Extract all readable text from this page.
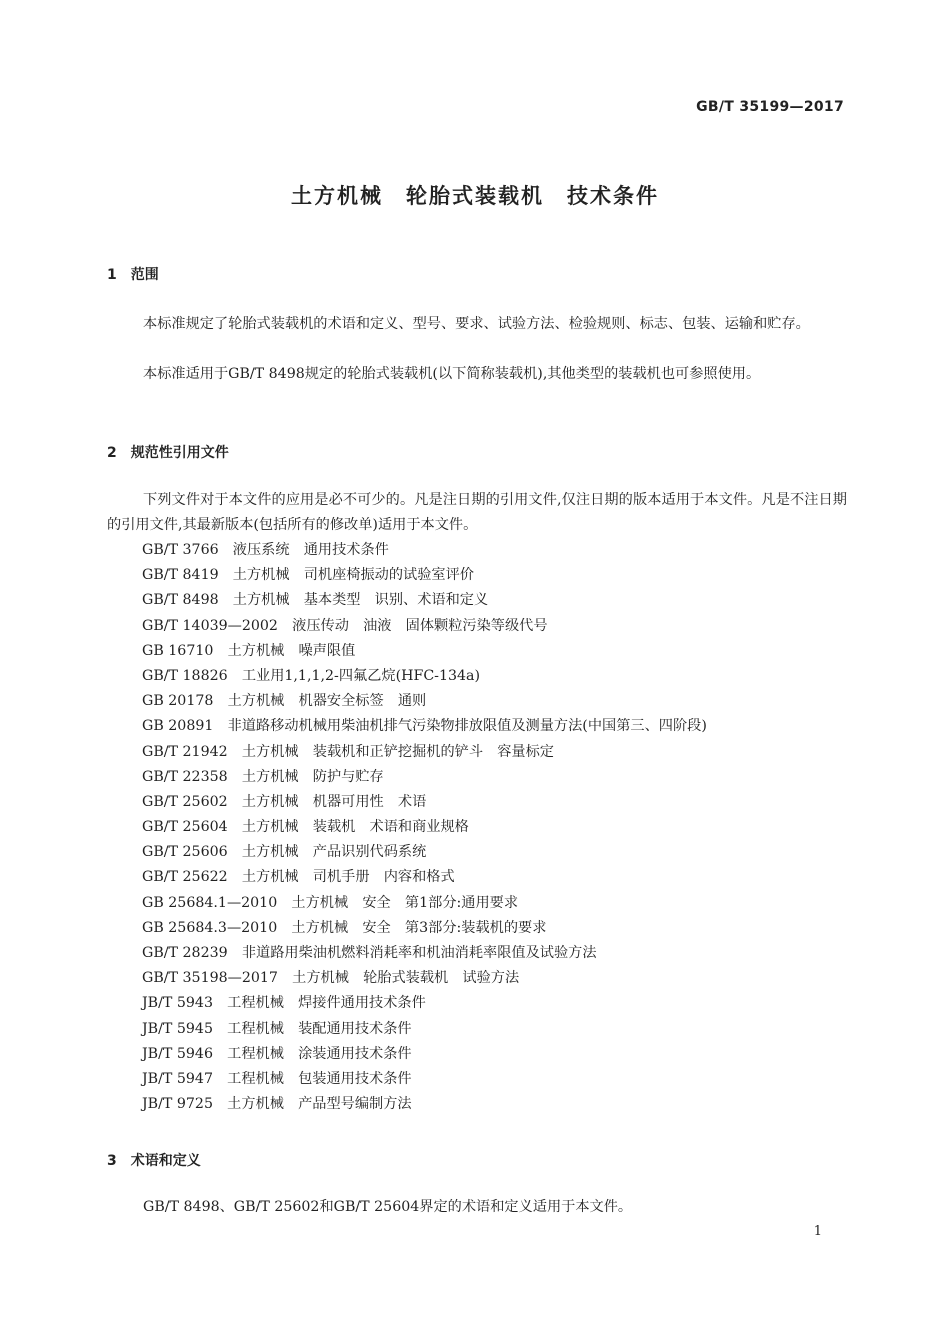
GB/T 35199—2017
土方机械　轮胎式装载机　技术条件
1　范围
本标准规定了轮胎式装载机的术语和定义、型号、要求、试验方法、检验规则、标志、包装、运输和贮存。
本标准适用于GB/T 8498规定的轮胎式装载机(以下简称装载机),其他类型的装载机也可参照使用。
2　规范性引用文件
下列文件对于本文件的应用是必不可少的。凡是注日期的引用文件,仅注日期的版本适用于本文件。凡是不注日期的引用文件,其最新版本(包括所有的修改单)适用于本文件。
GB/T 3766　液压系统　通用技术条件
GB/T 8419　土方机械　司机座椅振动的试验室评价
GB/T 8498　土方机械　基本类型　识别、术语和定义
GB/T 14039—2002　液压传动　油液　固体颗粒污染等级代号
GB 16710　土方机械　噪声限值
GB/T 18826　工业用1,1,1,2-四氟乙烷(HFC-134a)
GB 20178　土方机械　机器安全标签　通则
GB 20891　非道路移动机械用柴油机排气污染物排放限值及测量方法(中国第三、四阶段)
GB/T 21942　土方机械　装载机和正铲挖掘机的铲斗　容量标定
GB/T 22358　土方机械　防护与贮存
GB/T 25602　土方机械　机器可用性　术语
GB/T 25604　土方机械　装载机　术语和商业规格
GB/T 25606　土方机械　产品识别代码系统
GB/T 25622　土方机械　司机手册　内容和格式
GB 25684.1—2010　土方机械　安全　第1部分:通用要求
GB 25684.3—2010　土方机械　安全　第3部分:装载机的要求
GB/T 28239　非道路用柴油机燃料消耗率和机油消耗率限值及试验方法
GB/T 35198—2017　土方机械　轮胎式装载机　试验方法
JB/T 5943　工程机械　焊接件通用技术条件
JB/T 5945　工程机械　装配通用技术条件
JB/T 5946　工程机械　涂装通用技术条件
JB/T 5947　工程机械　包装通用技术条件
JB/T 9725　土方机械　产品型号编制方法
3　术语和定义
GB/T 8498、GB/T 25602和GB/T 25604界定的术语和定义适用于本文件。
1
